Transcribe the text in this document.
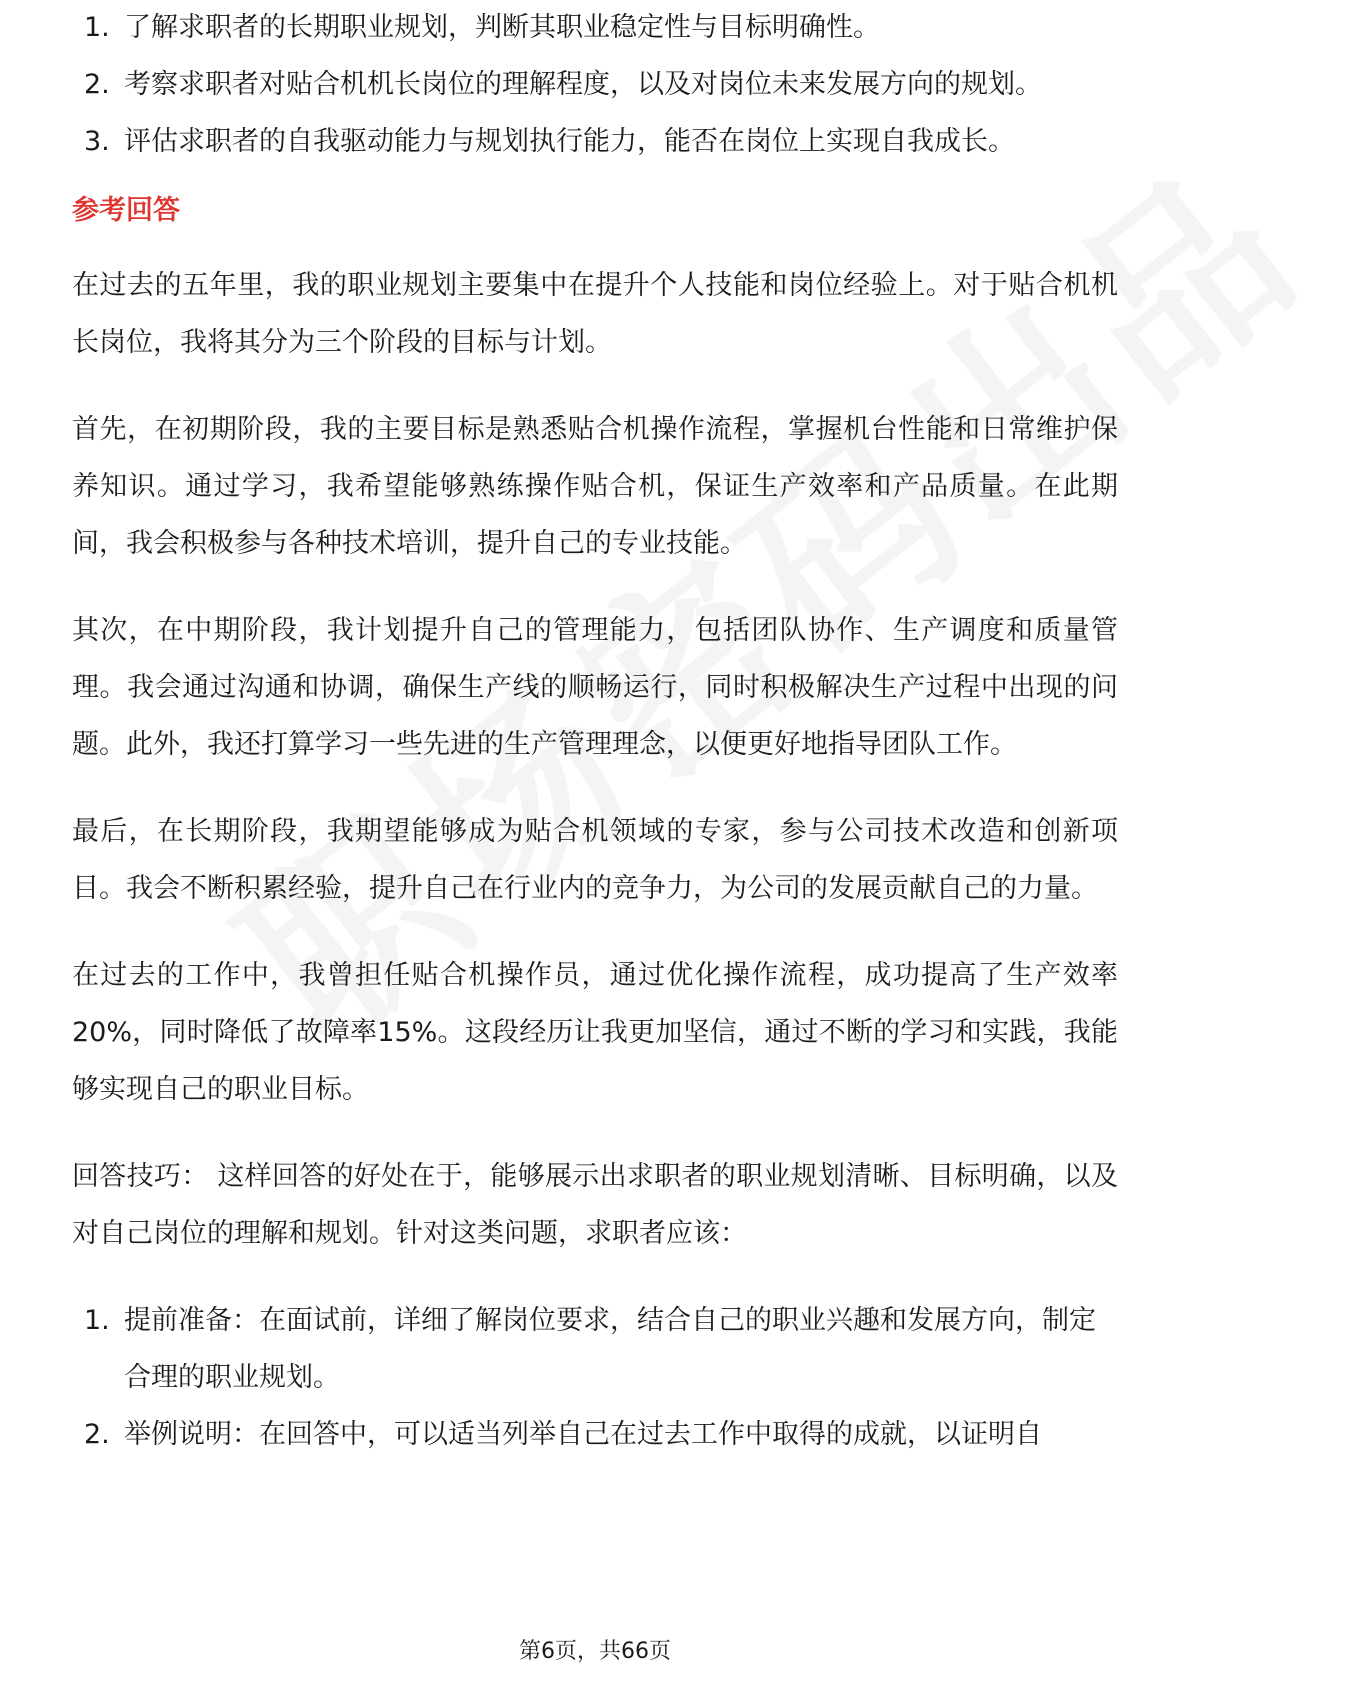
1. 了解求职者的长期职业规划，判断其职业稳定性与目标明确性。
2. 考察求职者对贴合机机长岗位的理解程度，以及对岗位未来发展方向的规划。
3. 评估求职者的自我驱动能力与规划执行能力，能否在岗位上实现自我成长。
参考回答

在过去的五年里，我的职业规划主要集中在提升个人技能和岗位经验上。对于贴合机机长岗位，我将其分为三个阶段的目标与计划。

首先，在初期阶段，我的主要目标是熟悉贴合机操作流程，掌握机台性能和日常维护保养知识。通过学习，我希望能够熟练操作贴合机，保证生产效率和产品质量。在此期间，我会积极参与各种技术培训，提升自己的专业技能。

其次，在中期阶段，我计划提升自己的管理能力，包括团队协作、生产调度和质量管理。我会通过沟通和协调，确保生产线的顺畅运行，同时积极解决生产过程中出现的问题。此外，我还打算学习一些先进的生产管理理念，以便更好地指导团队工作。

最后，在长期阶段，我期望能够成为贴合机领域的专家，参与公司技术改造和创新项目。我会不断积累经验，提升自己在行业内的竞争力，为公司的发展贡献自己的力量。

在过去的工作中，我曾担任贴合机操作员，通过优化操作流程，成功提高了生产效率20%，同时降低了故障率15%。这段经历让我更加坚信，通过不断的学习和实践，我能够实现自己的职业目标。

回答技巧： 这样回答的好处在于，能够展示出求职者的职业规划清晰、目标明确，以及对自己岗位的理解和规划。针对这类问题，求职者应该：

1. 提前准备：在面试前，详细了解岗位要求，结合自己的职业兴趣和发展方向，制定合理的职业规划。
2. 举例说明：在回答中，可以适当列举自己在过去工作中取得的成就，以证明自
第6页，共66页
